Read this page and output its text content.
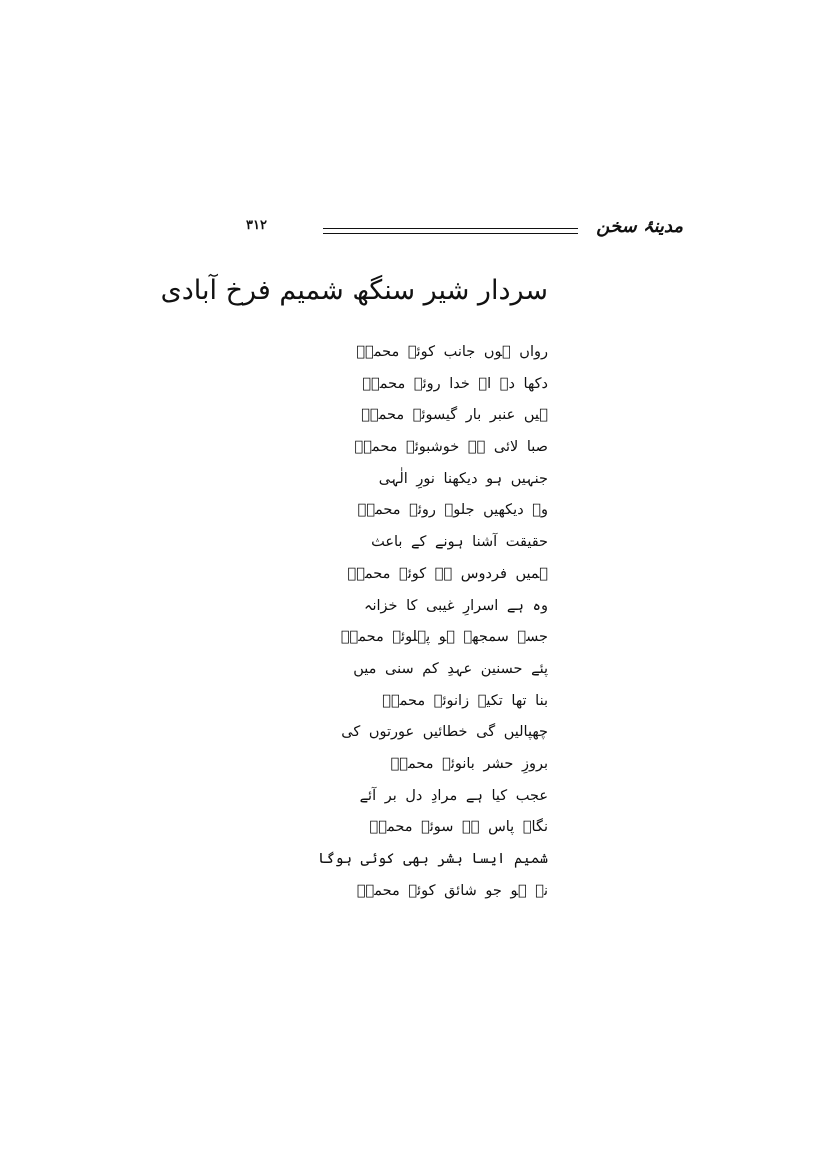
۳۱۲	مدینۂ سخن
سردار شیر سنگھ شمیم فرخ آبادی
رواں ہوں جانب کوئے محمدؐ
دکھا دے اے خدا روئے محمدؐ
ہیں عنبر بار گیسوئے محمدؐ
صبا لائی ہے خوشبوئے محمدؐ
جنہیں ہو دیکھنا نورِ الٰہی
وہ دیکھیں جلوۂ روئے محمدؐ
حقیقت آشنا ہونے کے باعث
ہمیں فردوس ہے کوئے محمدؐ
وہ ہے اسرارِ غیبی کا خزانہ
جسے سمجھے ہو پہلوئے محمدؐ
پئے حسنین عہدِ کم سنی میں
بنا تھا تکیہ زانوئے محمدؐ
چھپالیں گی خطائیں عورتوں کی
بروزِ حشر بانوئے محمدؐ
عجب کیا ہے مرادِ دل بر آئے
نگاہ پاس ہے سوئے محمدؐ
شمیم ایسا بشر بھی کوئی ہوگا
نہ ہو جو شائق کوئے محمدؐ
